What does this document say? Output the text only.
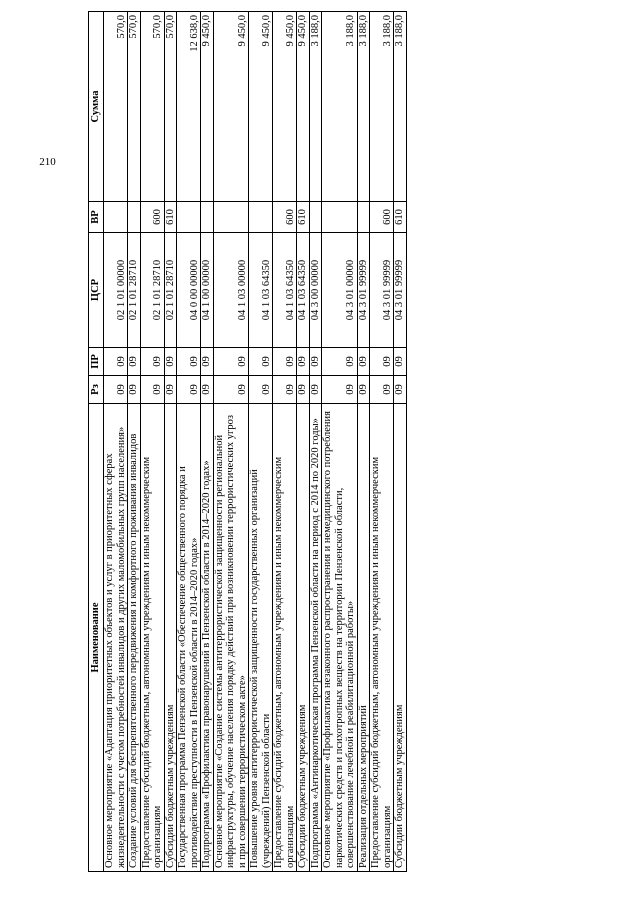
210
Наименование	Рз	ПР	ЦСР	ВР	Сумма
Основное мероприятие «Адаптация приоритетных объектов и услуг в приоритетных сферах жизнедеятельности с учетом потребностей инвалидов и других маломобильных групп населения»	09	09	02 1 01 00000		570,0
Создание условий для беспрепятственного передвижения и комфортного проживания инвалидов	09	09	02 1 01 28710		570,0
Предоставление субсидий бюджетным, автономным учреждениям и иным некоммерческим организациям	09	09	02 1 01 28710	600	570,0
Субсидии бюджетным учреждениям	09	09	02 1 01 28710	610	570,0
Государственная программа Пензенской области «Обеспечение общественного порядка и противодействие преступности в Пензенской области в 2014–2020 годах»	09	09	04 0 00 00000		12 638,0
Подпрограмма «Профилактика правонарушений в Пензенской области в 2014–2020 годах»	09	09	04 1 00 00000		9 450,0
Основное мероприятие «Создание системы антитеррористической защищенности региональной инфраструктуры, обучение населения порядку действий при возникновении террористических угроз и при совершении террористическом акте»	09	09	04 1 03 00000		9 450,0
Повышение уровня антитеррористической защищенности государственных организаций (учреждений) Пензенской области	09	09	04 1 03 64350		9 450,0
Предоставление субсидий бюджетным, автономным учреждениям и иным некоммерческим организациям	09	09	04 1 03 64350	600	9 450,0
Субсидии бюджетным учреждениям	09	09	04 1 03 64350	610	9 450,0
Подпрограмма «Антинаркотическая программа Пензенской области на период с 2014 по 2020 годы»	09	09	04 3 00 00000		3 188,0
Основное мероприятие «Профилактика незаконного распространения и немедицинского потребления наркотических средств и психотропных веществ на территории Пензенской области, совершенствование лечебной и реабилитационной работы»	09	09	04 3 01 00000		3 188,0
Реализация отдельных мероприятий	09	09	04 3 01 99999		3 188,0
Предоставление субсидий бюджетным, автономным учреждениям и иным некоммерческим организациям	09	09	04 3 01 99999	600	3 188,0
Субсидии бюджетным учреждениям	09	09	04 3 01 99999	610	3 188,0
